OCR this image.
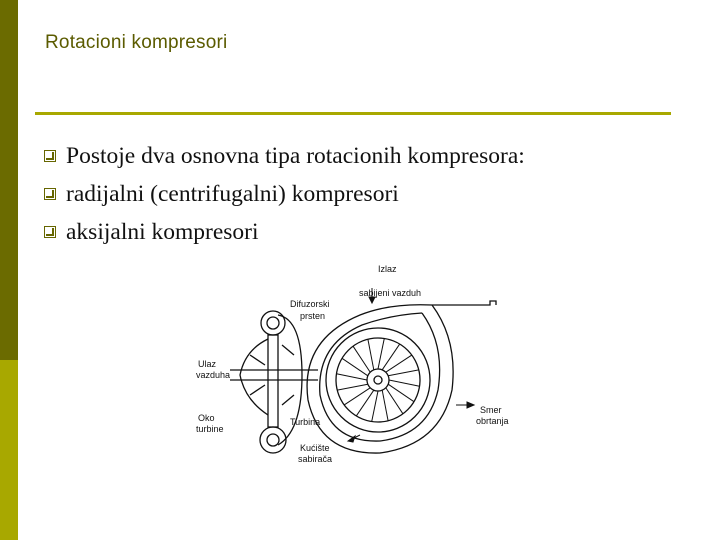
Rotacioni kompresori
Postoje dva osnovna tipa rotacionih kompresora:
radijalni (centrifugalni) kompresori
aksijalni kompresori
Izlaz
sabijeni vazduh
Difuzorski
prsten
Ulaz
vazduha
Oko
turbine
Turbina
Kućište
sabirača
Smer
obrtanja
